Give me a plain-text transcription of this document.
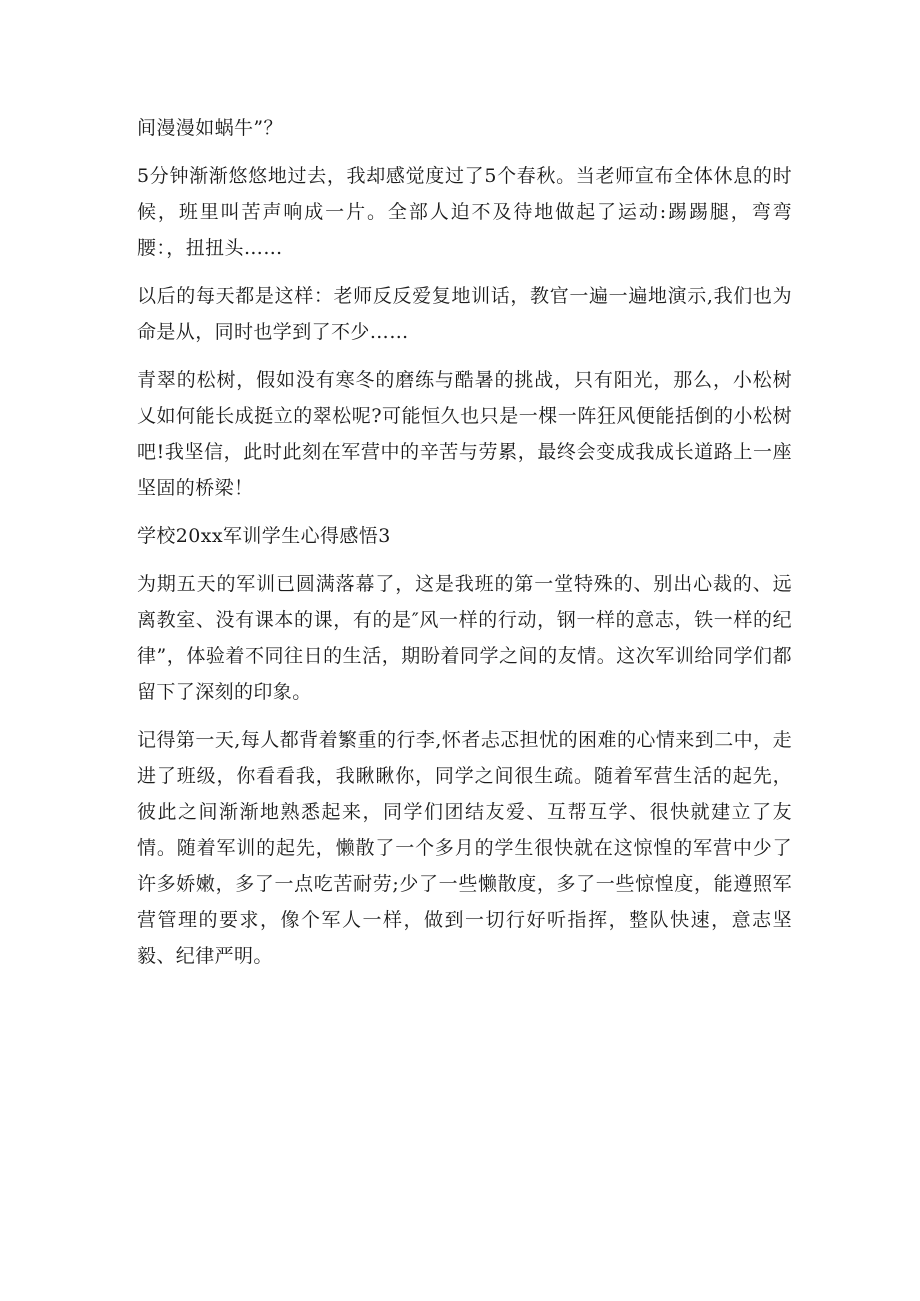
间漫漫如蜗牛”？

5分钟渐渐悠悠地过去，我却感觉度过了5个春秋。当老师宣布全体休息的时候，班里叫苦声响成一片。全部人迫不及待地做起了运动:踢踢腿，弯弯腰：，扭扭头……

以后的每天都是这样：老师反反爱复地训话，教官一遍一遍地演示,我们也为命是从，同时也学到了不少……

青翠的松树，假如没有寒冬的磨练与酷暑的挑战，只有阳光，那么，小松树乂如何能长成挺立的翠松呢?可能恒久也只是一棵一阵狂风便能括倒的小松树吧!我坚信，此时此刻在军营中的辛苦与劳累，最终会变成我成长道路上一座坚固的桥梁！

学校20xx军训学生心得感悟3

为期五天的军训已圆满落幕了，这是我班的第一堂特殊的、别出心裁的、远离教室、没有课本的课，有的是″风一样的行动，钢一样的意志，铁一样的纪律”，体验着不同往日的生活，期盼着同学之间的友情。这次军训给同学们都留下了深刻的印象。

记得第一天,每人都背着繁重的行李,怀者忐忑担忧的困难的心情来到二中，走进了班级，你看看我，我瞅瞅你，同学之间很生疏。随着军营生活的起先，彼此之间渐渐地熟悉起来，同学们团结友爱、互帮互学、很快就建立了友情。随着军训的起先，懒散了一个多月的学生很快就在这惊惶的军营中少了许多娇嫩，多了一点吃苦耐劳;少了一些懒散度，多了一些惊惶度，能遵照军营管理的要求，像个军人一样，做到一切行好听指挥，整队快速，意志坚毅、纪律严明。
